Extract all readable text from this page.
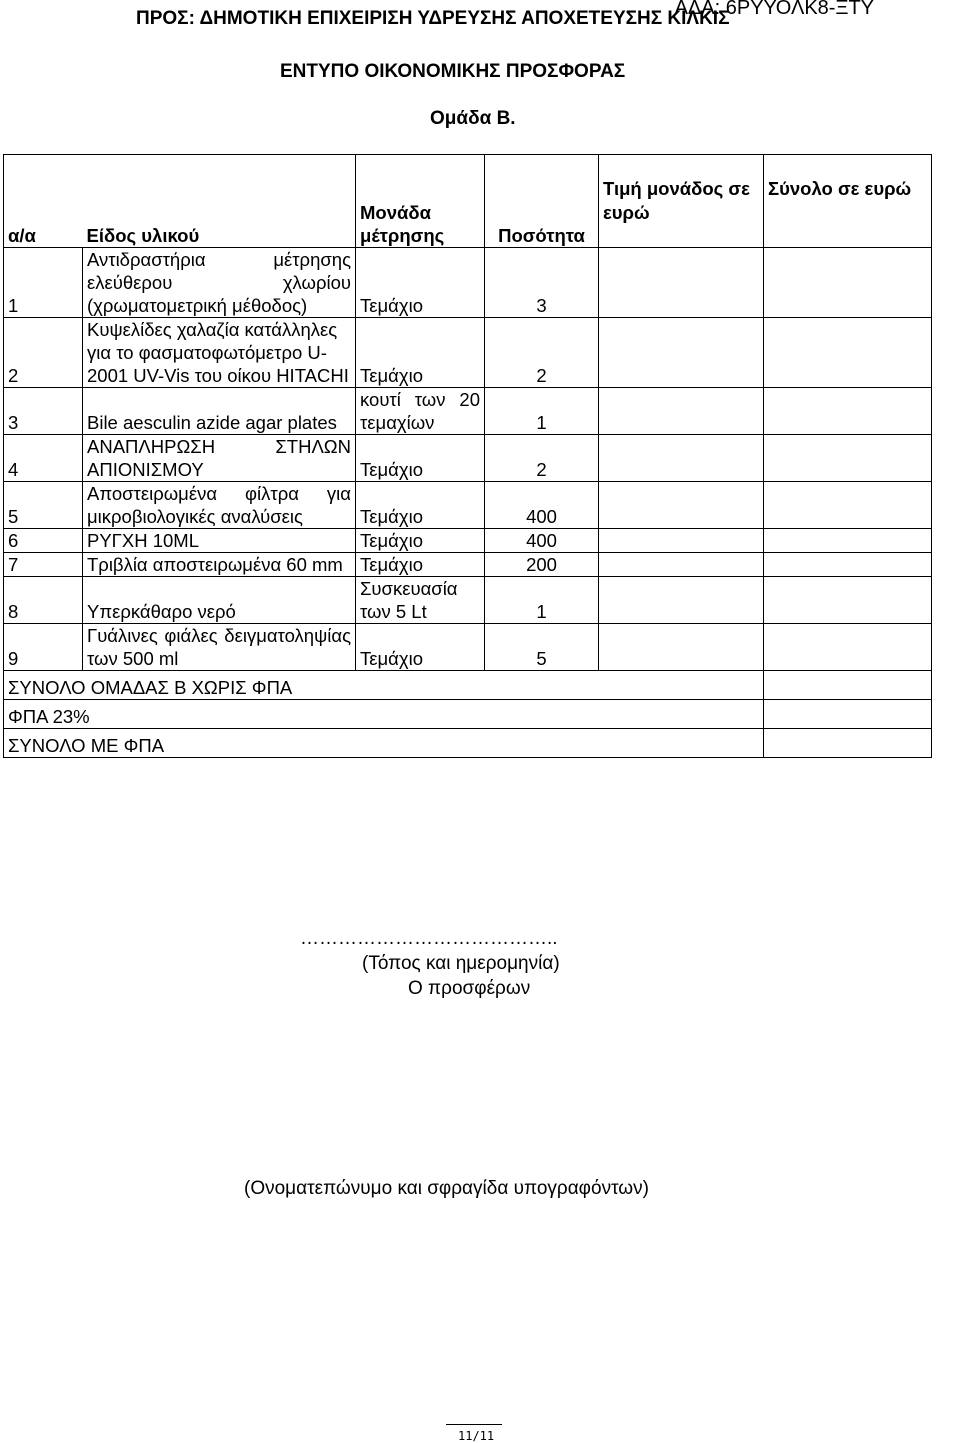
ΑΔΑ: 6ΡΥΥΟΛΚ8-ΞΤΥ
ΠΡΟΣ: ΔΗΜΟΤΙΚΗ ΕΠΙΧΕΙΡΙΣΗ ΥΔΡΕΥΣΗΣ ΑΠΟΧΕΤΕΥΣΗΣ ΚΙΛΚΙΣ
ΕΝΤΥΠΟ ΟΙΚΟΝΟΜΙΚΗΣ ΠΡΟΣΦΟΡΑΣ
Ομάδα Β.
α/α	Είδος υλικού	Μονάδα μέτρησης	Ποσότητα	Τιμή μονάδος σε ευρώ	Σύνολο σε ευρώ
1	Αντιδραστήρια μέτρησης ελεύθερου χλωρίου (χρωματομετρική μέθοδος)	Τεμάχιο	3		
2	Κυψελίδες χαλαζία κατάλληλες για το φασματοφωτόμετρο U-2001 UV-Vis του οίκου HITACHI	Τεμάχιο	2		
3	Bile aesculin azide agar plates	κουτί των 20 τεμαχίων	1		
4	ΑΝΑΠΛΗΡΩΣΗ ΣΤΗΛΩΝ ΑΠΙΟΝΙΣΜΟΥ	Τεμάχιο	2		
5	Αποστειρωμένα φίλτρα για μικροβιολογικές αναλύσεις	Τεμάχιο	400		
6	ΡΥΓΧΗ 10ML	Τεμάχιο	400		
7	Τριβλία αποστειρωμένα 60 mm	Τεμάχιο	200		
8	Υπερκάθαρο νερό	Συσκευασία των 5 Lt	1		
9	Γυάλινες φιάλες δειγματοληψίας των 500 ml	Τεμάχιο	5		
ΣΥΝΟΛΟ ΟΜΑΔΑΣ Β ΧΩΡΙΣ ΦΠΑ					
ΦΠΑ 23%					
ΣΥΝΟΛΟ ΜΕ ΦΠΑ					
…………………………………..
(Τόπος και ημερομηνία)
Ο προσφέρων
(Ονοματεπώνυμο και σφραγίδα υπογραφόντων)
11/11
